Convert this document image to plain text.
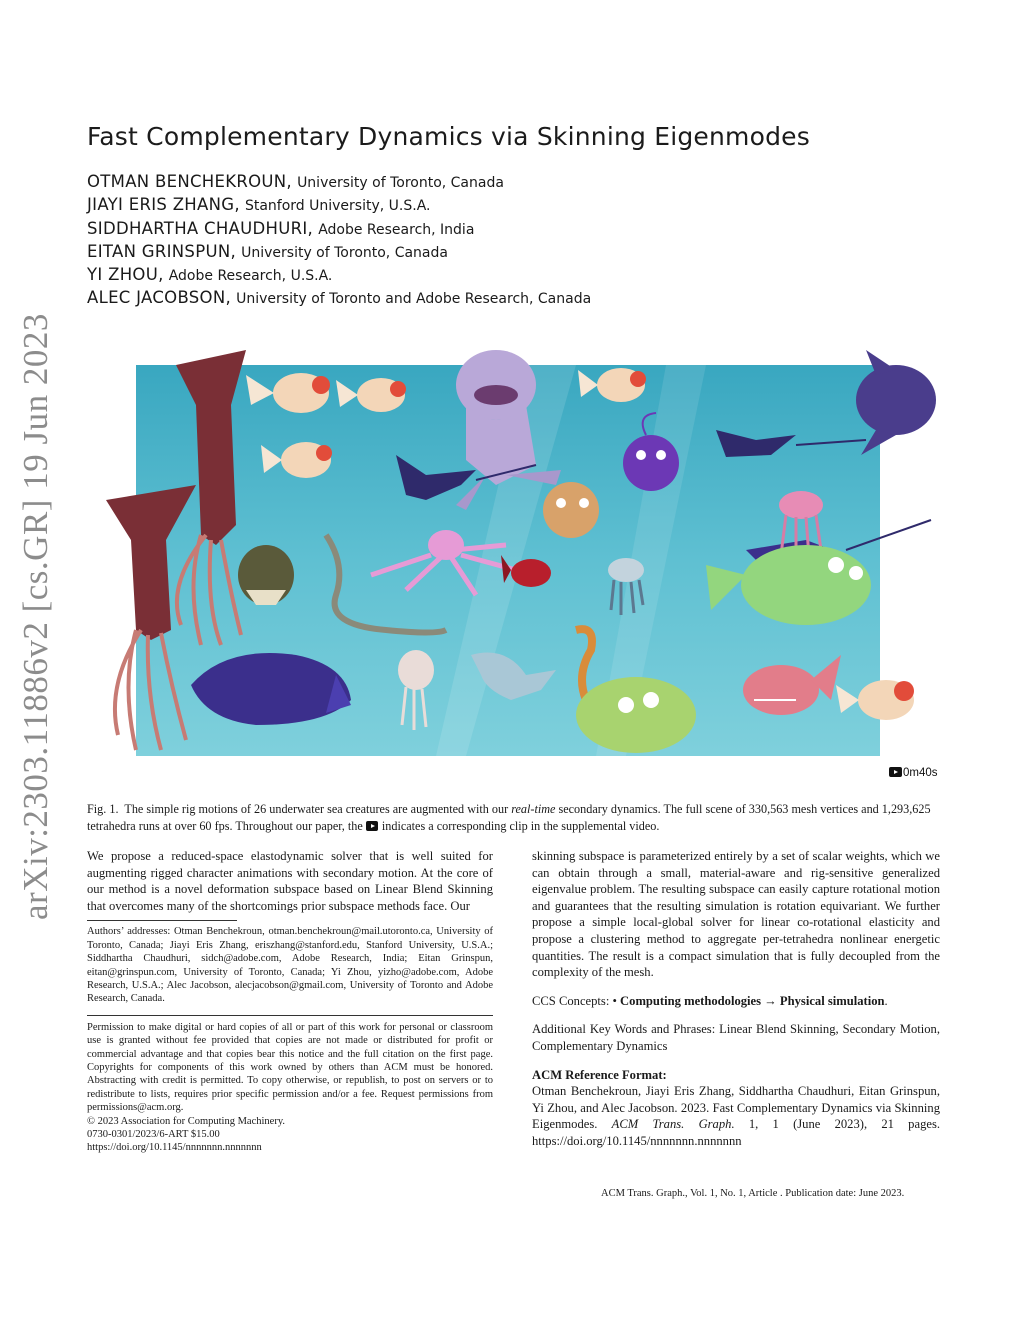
arXiv:2303.11886v2 [cs.GR] 19 Jun 2023
Fast Complementary Dynamics via Skinning Eigenmodes
OTMAN BENCHEKROUN, University of Toronto, Canada
JIAYI ERIS ZHANG, Stanford University, U.S.A.
SIDDHARTHA CHAUDHURI, Adobe Research, India
EITAN GRINSPUN, University of Toronto, Canada
YI ZHOU, Adobe Research, U.S.A.
ALEC JACOBSON, University of Toronto and Adobe Research, Canada
0m40s
Fig. 1. The simple rig motions of 26 underwater sea creatures are augmented with our real-time secondary dynamics. The full scene of 330,563 mesh vertices and 1,293,625 tetrahedra runs at over 60 fps. Throughout our paper, the indicates a corresponding clip in the supplemental video.
We propose a reduced-space elastodynamic solver that is well suited for augmenting rigged character animations with secondary motion. At the core of our method is a novel deformation subspace based on Linear Blend Skinning that overcomes many of the shortcomings prior subspace methods face. Our
Authors’ addresses: Otman Benchekroun, otman.benchekroun@mail.utoronto.ca, University of Toronto, Canada; Jiayi Eris Zhang, eriszhang@stanford.edu, Stanford University, U.S.A.; Siddhartha Chaudhuri, sidch@adobe.com, Adobe Research, India; Eitan Grinspun, eitan@grinspun.com, University of Toronto, Canada; Yi Zhou, yizho@adobe.com, Adobe Research, U.S.A.; Alec Jacobson, alecjacobson@gmail.com, University of Toronto and Adobe Research, Canada.
Permission to make digital or hard copies of all or part of this work for personal or classroom use is granted without fee provided that copies are not made or distributed for profit or commercial advantage and that copies bear this notice and the full citation on the first page. Copyrights for components of this work owned by others than ACM must be honored. Abstracting with credit is permitted. To copy otherwise, or republish, to post on servers or to redistribute to lists, requires prior specific permission and/or a fee. Request permissions from permissions@acm.org.
© 2023 Association for Computing Machinery.
0730-0301/2023/6-ART $15.00
https://doi.org/10.1145/nnnnnnn.nnnnnnn
skinning subspace is parameterized entirely by a set of scalar weights, which we can obtain through a small, material-aware and rig-sensitive generalized eigenvalue problem. The resulting subspace can easily capture rotational motion and guarantees that the resulting simulation is rotation equivariant. We further propose a simple local-global solver for linear co-rotational elasticity and propose a clustering method to aggregate per-tetrahedra nonlinear energetic quantities. The result is a compact simulation that is fully decoupled from the complexity of the mesh.
CCS Concepts: • Computing methodologies → Physical simulation.
Additional Key Words and Phrases: Linear Blend Skinning, Secondary Motion, Complementary Dynamics
ACM Reference Format:
Otman Benchekroun, Jiayi Eris Zhang, Siddhartha Chaudhuri, Eitan Grinspun, Yi Zhou, and Alec Jacobson. 2023. Fast Complementary Dynamics via Skinning Eigenmodes. ACM Trans. Graph. 1, 1 (June 2023), 21 pages. https://doi.org/10.1145/nnnnnnn.nnnnnnn
ACM Trans. Graph., Vol. 1, No. 1, Article . Publication date: June 2023.
